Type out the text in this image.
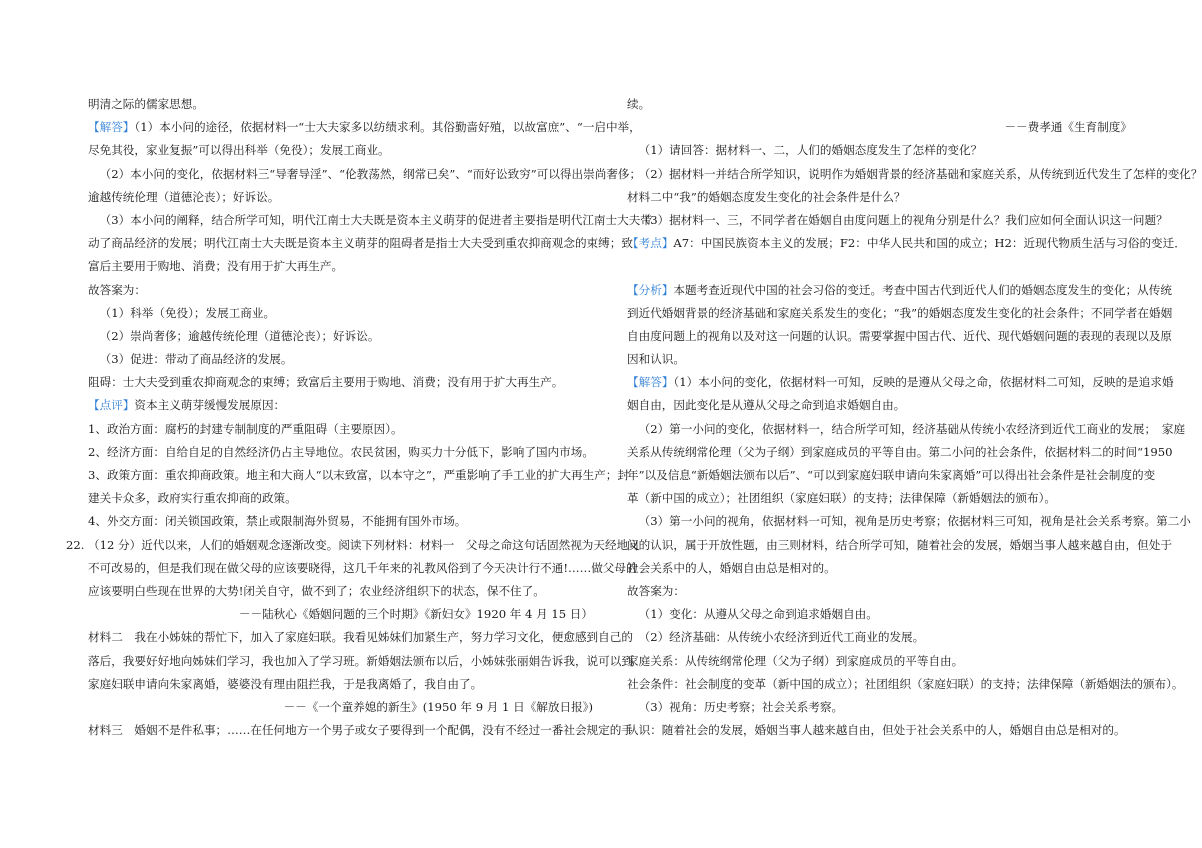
明清之际的儒家思想。
【 解答 】 （1）本小问的途径，依据材料一“士大夫家多以纺绩求利。其俗勤啬好殖，以故富庶”、“一启中举，
尽免其役，家业复振”可以得出科举（免役）；发展工商业。
（2）本小问的变化，依据材料三“导奢导淫”、“伦教荡然，纲常已矣”、“而好讼致穷”可以得出崇尚奢侈；
逾越传统伦理（道德沦丧）；好诉讼。
（3）本小问的阐释，结合所学可知，明代江南士大夫既是资本主义萌芽的促进者主要指是明代江南士大夫带
动了商品经济的发展；明代江南士大夫既是资本主义萌芽的阻碍者是指士大夫受到重农抑商观念的束缚；致
富后主要用于购地、消费；没有用于扩大再生产。
故答案为：
（1）科举（免役）；发展工商业。
（2）崇尚奢侈；逾越传统伦理（道德沦丧）；好诉讼。
（3）促进：带动了商品经济的发展。
阻碍：士大夫受到重农抑商观念的束缚；致富后主要用于购地、消费；没有用于扩大再生产。
【 点评 】 资本主义萌芽缓慢发展原因：
1、政治方面：腐朽的封建专制制度的严重阻碍（主要原因）。
2、经济方面：自给自足的自然经济仍占主导地位。农民贫困，购买力十分低下，影响了国内市场。
3、政策方面：重农抑商政策。地主和大商人“以末致富，以本守之”，严重影响了手工业的扩大再生产；封
建关卡众多，政府实行重农抑商的政策。
4、外交方面：闭关锁国政策，禁止或限制海外贸易，不能拥有国外市场。
22. （12 分）近代以来，人们的婚姻观念逐渐改变。阅读下列材料：材料一　父母之命这句话固然视为天经地义
不可改易的，但是我们现在做父母的应该要晓得，这几千年来的礼教风俗到了今天决计行不通!……做父母的
应该要明白些现在世界的大势!闭关自守，做不到了；农业经济组织下的状态，保不住了。
－－陆秋心《婚姻问题的三个时期》《新妇女》1920 年 4 月 15 日）
材料二　我在小姊妹的帮忙下，加入了家庭妇联。我看见姊妹们加紧生产，努力学习文化，便愈感到自己的
落后，我要好好地向姊妹们学习，我也加入了学习班。新婚姻法颁布以后，小姊妹张丽娟告诉我，说可以到
家庭妇联申请向朱家离婚，婆婆没有理由阻拦我，于是我离婚了，我自由了。
－－《一个童养媳的新生》(1950 年 9 月 1 日《解放日报》)
材料三　婚姻不是件私事；……在任何地方一个男子或女子要得到一个配偶，没有不经过一番社会规定的手
续。
－－费孝通《生育制度》
（1）请回答：据材料一、二，人们的婚姻态度发生了怎样的变化？
（2）据材料一并结合所学知识，说明作为婚姻背景的经济基础和家庭关系，从传统到近代发生了怎样的变化？
材料二中“我”的婚姻态度发生变化的社会条件是什么？
（3）据材料一、三，不同学者在婚姻自由度问题上的视角分别是什么？我们应如何全面认识这一问题？
【 考点 】 A7：中国民族资本主义的发展；F2：中华人民共和国的成立；H2：近现代物质生活与习俗的变迁．
【 分析 】 本题考查近现代中国的社会习俗的变迁。考查中国古代到近代人们的婚姻态度发生的变化；从传统
到近代婚姻背景的经济基础和家庭关系发生的变化；“我”的婚姻态度发生变化的社会条件；不同学者在婚姻
自由度问题上的视角以及对这一问题的认识。需要掌握中国古代、近代、现代婚姻问题的表现的表现以及原
因和认识。
【 解答 】 （1）本小问的变化，依据材料一可知，反映的是遵从父母之命，依据材料二可知，反映的是追求婚
姻自由，因此变化是从遵从父母之命到追求婚姻自由。
（2）第一小问的变化，依据材料一，结合所学可知，经济基础从传统小农经济到近代工商业的发展；　家庭
关系从传统纲常伦理（父为子纲）到家庭成员的平等自由。第二小问的社会条件，依据材料二的时间“1950
年”以及信息“新婚姻法颁布以后”、“可以到家庭妇联申请向朱家离婚”可以得出社会条件是社会制度的变
革（新中国的成立）；社团组织（家庭妇联）的支持；法律保障（新婚姻法的颁布）。
（3）第一小问的视角，依据材料一可知，视角是历史考察；依据材料三可知，视角是社会关系考察。第二小
问的认识，属于开放性题，由三则材料，结合所学可知，随着社会的发展，婚姻当事人越来越自由，但处于
社会关系中的人，婚姻自由总是相对的。
故答案为：
（1）变化：从遵从父母之命到追求婚姻自由。
（2）经济基础：从传统小农经济到近代工商业的发展。
家庭关系：从传统纲常伦理（父为子纲）到家庭成员的平等自由。
社会条件：社会制度的变革（新中国的成立）；社团组织（家庭妇联）的支持；法律保障（新婚姻法的颁布）。
（3）视角：历史考察；社会关系考察。
认识：随着社会的发展，婚姻当事人越来越自由，但处于社会关系中的人，婚姻自由总是相对的。
